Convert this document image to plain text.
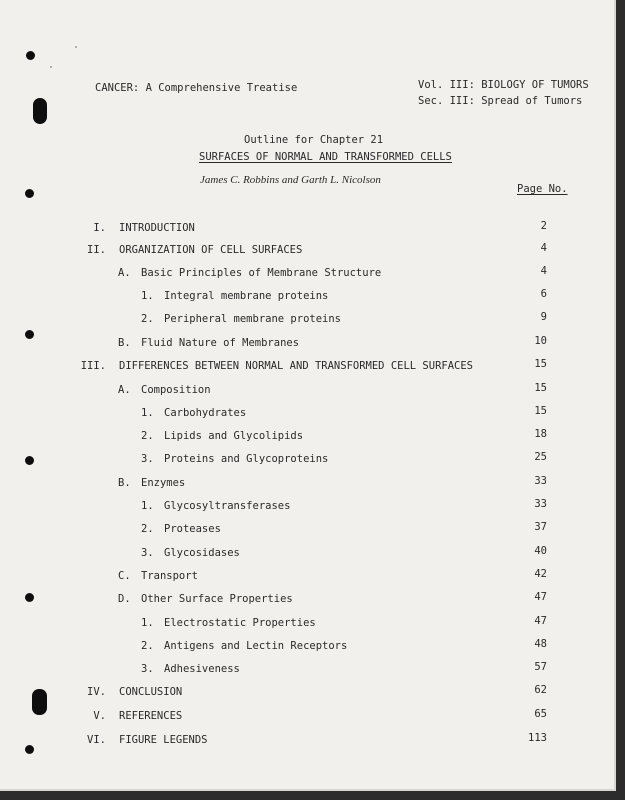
CANCER: A Comprehensive Treatise	Vol. III: BIOLOGY OF TUMORS
Sec. III: Spread of Tumors
Outline for Chapter 21
SURFACES OF NORMAL AND TRANSFORMED CELLS
James C. Robbins and Garth L. Nicolson
Page No.
I. INTRODUCTION	2
II. ORGANIZATION OF CELL SURFACES	4
A. Basic Principles of Membrane Structure	4
1. Integral membrane proteins	6
2. Peripheral membrane proteins	9
B. Fluid Nature of Membranes	10
III. DIFFERENCES BETWEEN NORMAL AND TRANSFORMED CELL SURFACES	15
A. Composition	15
1. Carbohydrates	15
2. Lipids and Glycolipids	18
3. Proteins and Glycoproteins	25
B. Enzymes	33
1. Glycosyltransferases	33
2. Proteases	37
3. Glycosidases	40
C. Transport	42
D. Other Surface Properties	47
1. Electrostatic Properties	47
2. Antigens and Lectin Receptors	48
3. Adhesiveness	57
IV. CONCLUSION	62
V. REFERENCES	65
VI. FIGURE LEGENDS	113
